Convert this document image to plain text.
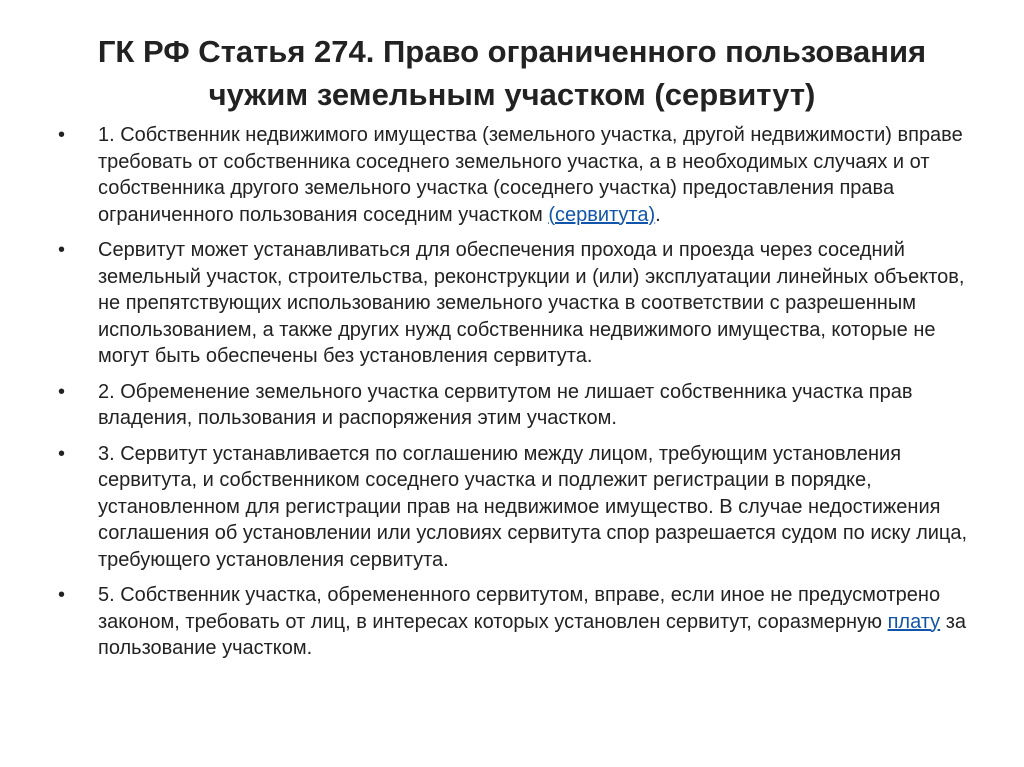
ГК РФ Статья 274. Право ограниченного пользования
чужим земельным участком (сервитут)
•	1. Собственник недвижимого имущества (земельного участка, другой недвижимости) вправе требовать от собственника соседнего земельного участка, а в необходимых случаях и от собственника другого земельного участка (соседнего участка) предоставления права ограниченного пользования соседним участком (сервитута).
•	Сервитут может устанавливаться для обеспечения прохода и проезда через соседний земельный участок, строительства, реконструкции и (или) эксплуатации линейных объектов, не препятствующих использованию земельного участка в соответствии с разрешенным использованием, а также других нужд собственника недвижимого имущества, которые не могут быть обеспечены без установления сервитута.
•	2. Обременение земельного участка сервитутом не лишает собственника участка прав владения, пользования и распоряжения этим участком.
•	3. Сервитут устанавливается по соглашению между лицом, требующим установления сервитута, и собственником соседнего участка и подлежит регистрации в порядке, установленном для регистрации прав на недвижимое имущество. В случае недостижения соглашения об установлении или условиях сервитута спор разрешается судом по иску лица, требующего установления сервитута.
•	5. Собственник участка, обремененного сервитутом, вправе, если иное не предусмотрено законом, требовать от лиц, в интересах которых установлен сервитут, соразмерную плату за пользование участком.
